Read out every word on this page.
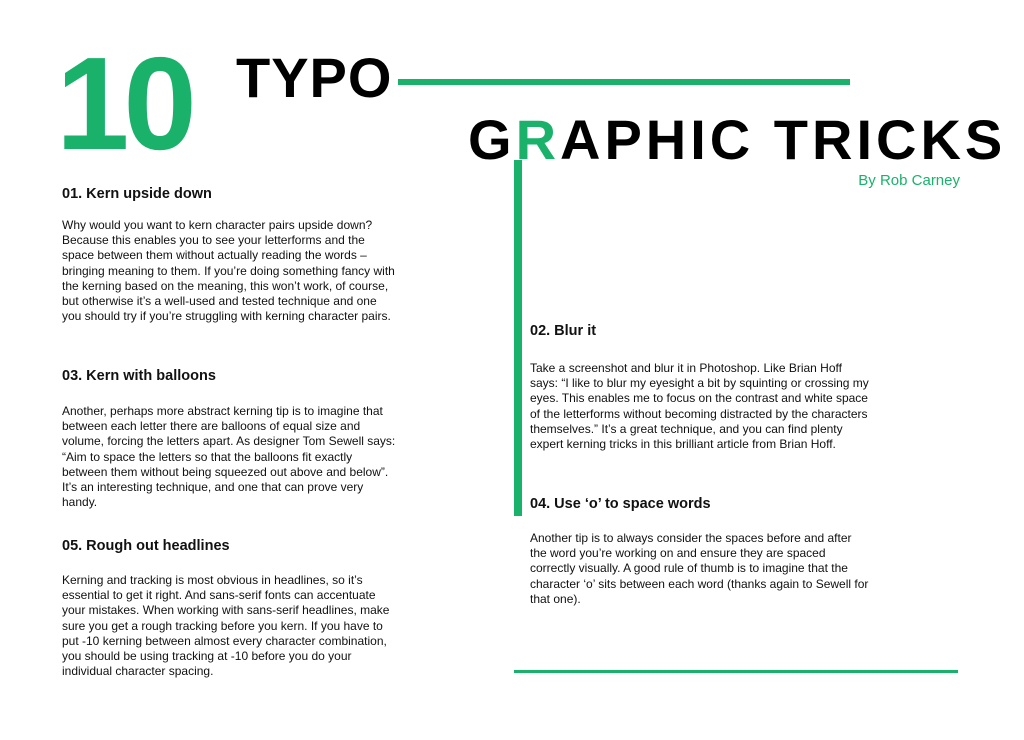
10 TYPO
GRAPHIC TRICKS
By Rob Carney
01. Kern upside down
Why would you want to kern character pairs upside down? Because this enables you to see your letterforms and the space between them without actually reading the words – bringing meaning to them. If you’re doing something fancy with the kerning based on the meaning, this won’t work, of course, but otherwise it’s a well-used and tested technique and one you should try if you’re struggling with kerning character pairs.
03. Kern with balloons
Another, perhaps more abstract kerning tip is to imagine that between each letter there are balloons of equal size and volume, forcing the letters apart. As designer Tom Sewell says: “Aim to space the letters so that the balloons fit exactly between them without being squeezed out above and below”. It’s an interesting technique, and one that can prove very handy.
05. Rough out headlines
Kerning and tracking is most obvious in headlines, so it’s essential to get it right. And sans-serif fonts can accentuate your mistakes. When working with sans-serif headlines, make sure you get a rough tracking before you kern. If you have to put -10 kerning between almost every character combination, you should be using tracking at -10 before you do your individual character spacing.
02. Blur it
Take a screenshot and blur it in Photoshop. Like Brian Hoff says: “I like to blur my eyesight a bit by squinting or crossing my eyes. This enables me to focus on the contrast and white space of the letterforms without becoming distracted by the characters themselves.” It’s a great technique, and you can find plenty expert kerning tricks in this brilliant article from Brian Hoff.
04. Use ‘o’ to space words
Another tip is to always consider the spaces before and after the word you’re working on and ensure they are spaced correctly visually. A good rule of thumb is to imagine that the character ‘o’ sits between each word (thanks again to Sewell for that one).
